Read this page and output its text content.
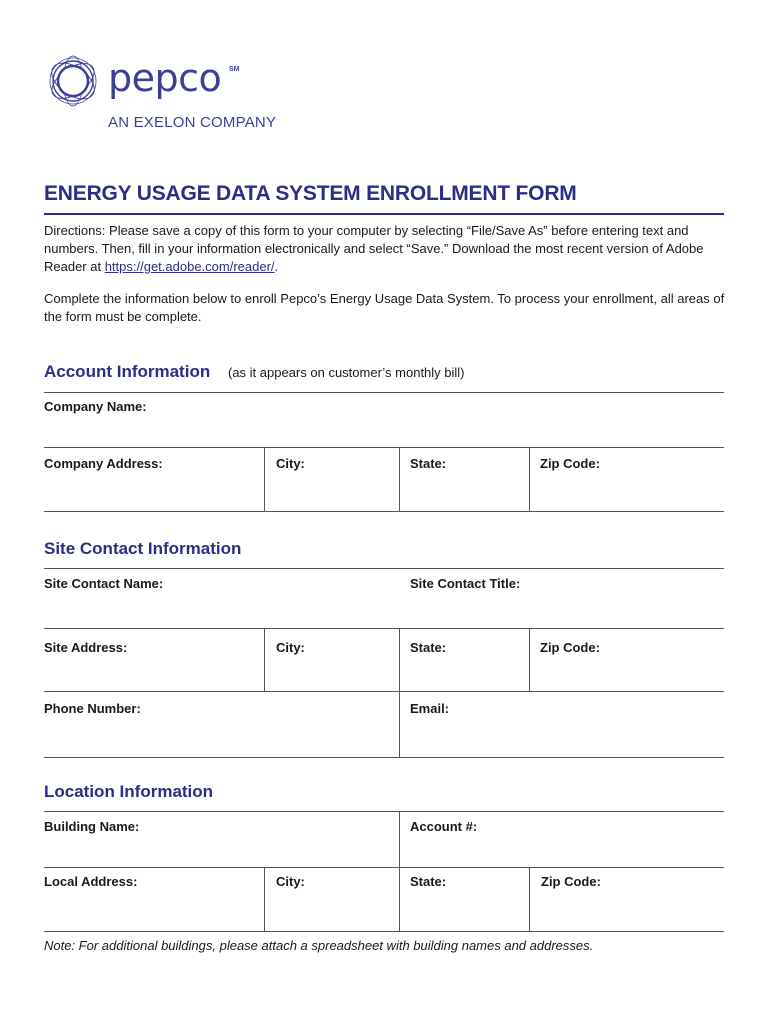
pepco SM
AN EXELON COMPANY
ENERGY USAGE DATA SYSTEM ENROLLMENT FORM
Directions: Please save a copy of this form to your computer by selecting “File/Save As” before entering text and numbers. Then, fill in your information electronically and select “Save.” Download the most recent version of Adobe Reader at https://get.adobe.com/reader/.
Complete the information below to enroll Pepco’s Energy Usage Data System. To process your enrollment, all areas of the form must be complete.
Account Information (as it appears on customer’s monthly bill)
Company Name:
Company Address:	City:	State:	Zip Code:
Site Contact Information
Site Contact Name:	Site Contact Title:
Site Address:	City:	State:	Zip Code:
Phone Number:	Email:
Location Information
Building Name:	Account #:
Local Address:	City:	State:	Zip Code:
Note: For additional buildings, please attach a spreadsheet with building names and addresses.
